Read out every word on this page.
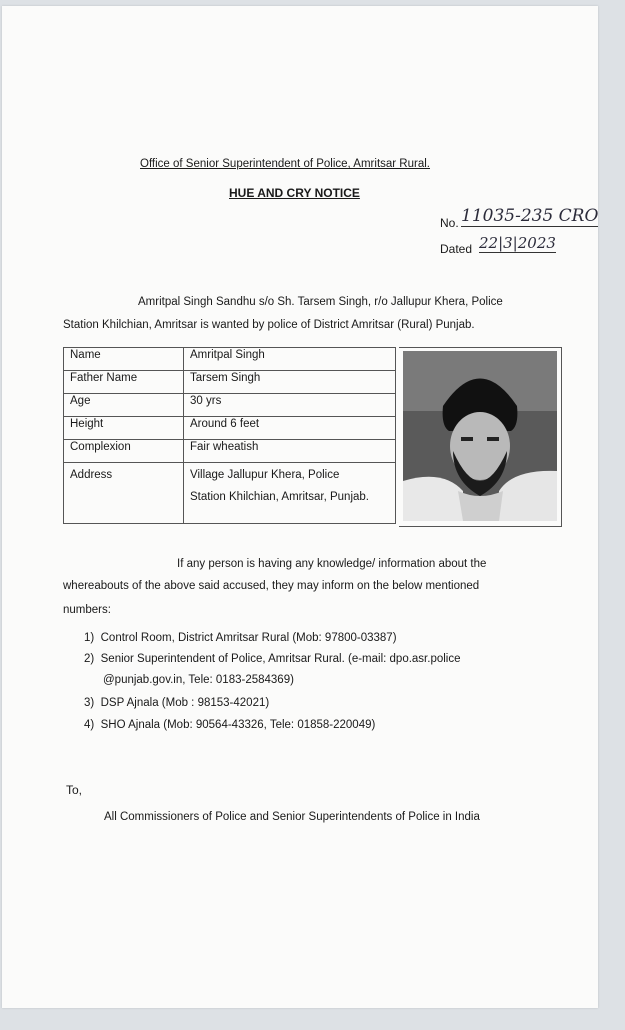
Office of Senior Superintendent of Police, Amritsar Rural.
HUE AND CRY NOTICE
No. 11035-235 CRO
Dated 22|3|2023
Amritpal Singh Sandhu s/o Sh. Tarsem Singh, r/o Jallupur Khera, Police
Station Khilchian, Amritsar is wanted by police of District Amritsar (Rural) Punjab.
Name	Amritpal Singh
Father Name	Tarsem Singh
Age	30 yrs
Height	Around 6 feet
Complexion	Fair wheatish
Address	Village Jallupur Khera, Police
Station Khilchian, Amritsar, Punjab.
If any person is having any knowledge/ information about the
whereabouts of the above said accused, they may inform on the below mentioned
numbers:
1) Control Room, District Amritsar Rural (Mob: 97800-03387)
2) Senior Superintendent of Police, Amritsar Rural. (e-mail: dpo.asr.police
@punjab.gov.in, Tele: 0183-2584369)
3) DSP Ajnala (Mob : 98153-42021)
4) SHO Ajnala (Mob: 90564-43326, Tele: 01858-220049)
To,
All Commissioners of Police and Senior Superintendents of Police in India
